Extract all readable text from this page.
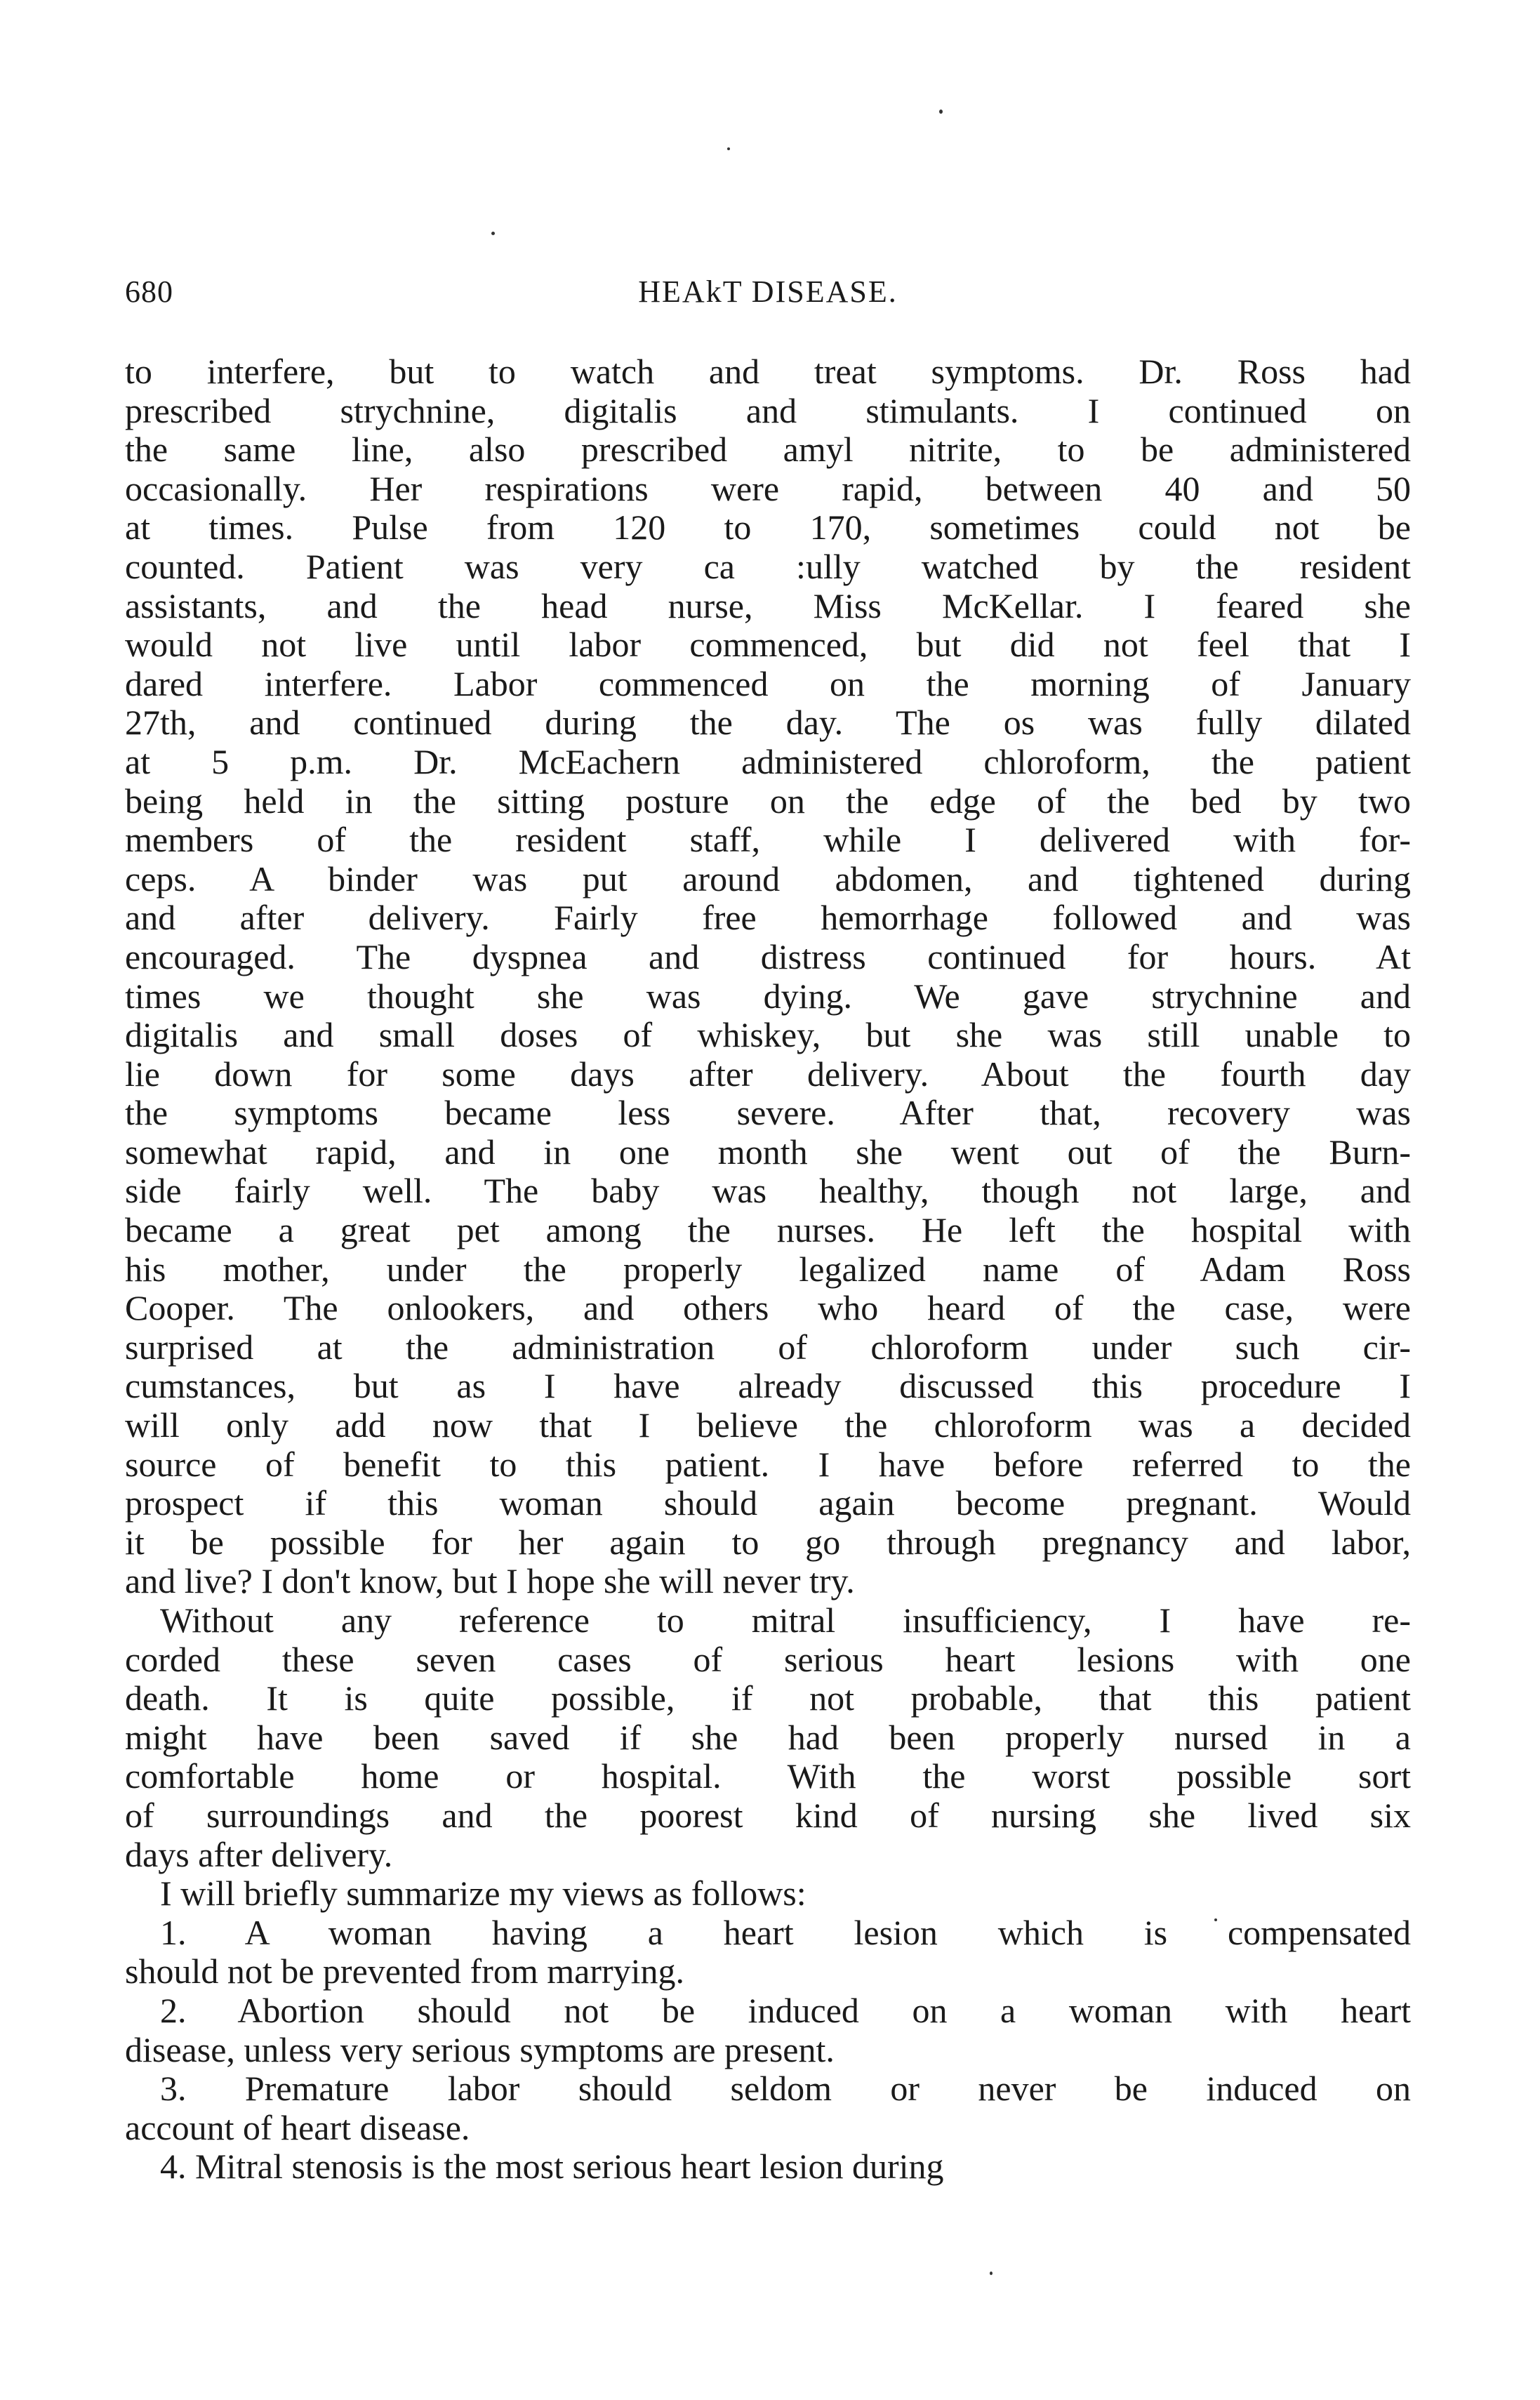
680	HEAkT DISEASE.
to interfere, but to watch and treat symptoms. Dr. Ross had
prescribed strychnine, digitalis and stimulants. I continued on
the same line, also prescribed amyl nitrite, to be administered
occasionally. Her respirations were rapid, between 40 and 50
at times. Pulse from 120 to 170, sometimes could not be
counted. Patient was very ca :ully watched by the resident
assistants, and the head nurse, Miss McKellar. I feared she
would not live until labor commenced, but did not feel that I
dared interfere. Labor commenced on the morning of January
27th, and continued during the day. The os was fully dilated
at 5 p.m. Dr. McEachern administered chloroform, the patient
being held in the sitting posture on the edge of the bed by two
members of the resident staff, while I delivered with for-
ceps. A binder was put around abdomen, and tightened during
and after delivery. Fairly free hemorrhage followed and was
encouraged. The dyspnea and distress continued for hours. At
times we thought she was dying. We gave strychnine and
digitalis and small doses of whiskey, but she was still unable to
lie down for some days after delivery. About the fourth day
the symptoms became less severe. After that, recovery was
somewhat rapid, and in one month she went out of the Burn-
side fairly well. The baby was healthy, though not large, and
became a great pet among the nurses. He left the hospital with
his mother, under the properly legalized name of Adam Ross
Cooper. The onlookers, and others who heard of the case, were
surprised at the administration of chloroform under such cir-
cumstances, but as I have already discussed this procedure I
will only add now that I believe the chloroform was a decided
source of benefit to this patient. I have before referred to the
prospect if this woman should again become pregnant. Would
it be possible for her again to go through pregnancy and labor,
and live? I don't know, but I hope she will never try.
Without any reference to mitral insufficiency, I have re-
corded these seven cases of serious heart lesions with one
death. It is quite possible, if not probable, that this patient
might have been saved if she had been properly nursed in a
comfortable home or hospital. With the worst possible sort
of surroundings and the poorest kind of nursing she lived six
days after delivery.
I will briefly summarize my views as follows:
1. A woman having a heart lesion which is compensated
should not be prevented from marrying.
2. Abortion should not be induced on a woman with heart
disease, unless very serious symptoms are present.
3. Premature labor should seldom or never be induced on
account of heart disease.
4. Mitral stenosis is the most serious heart lesion during
